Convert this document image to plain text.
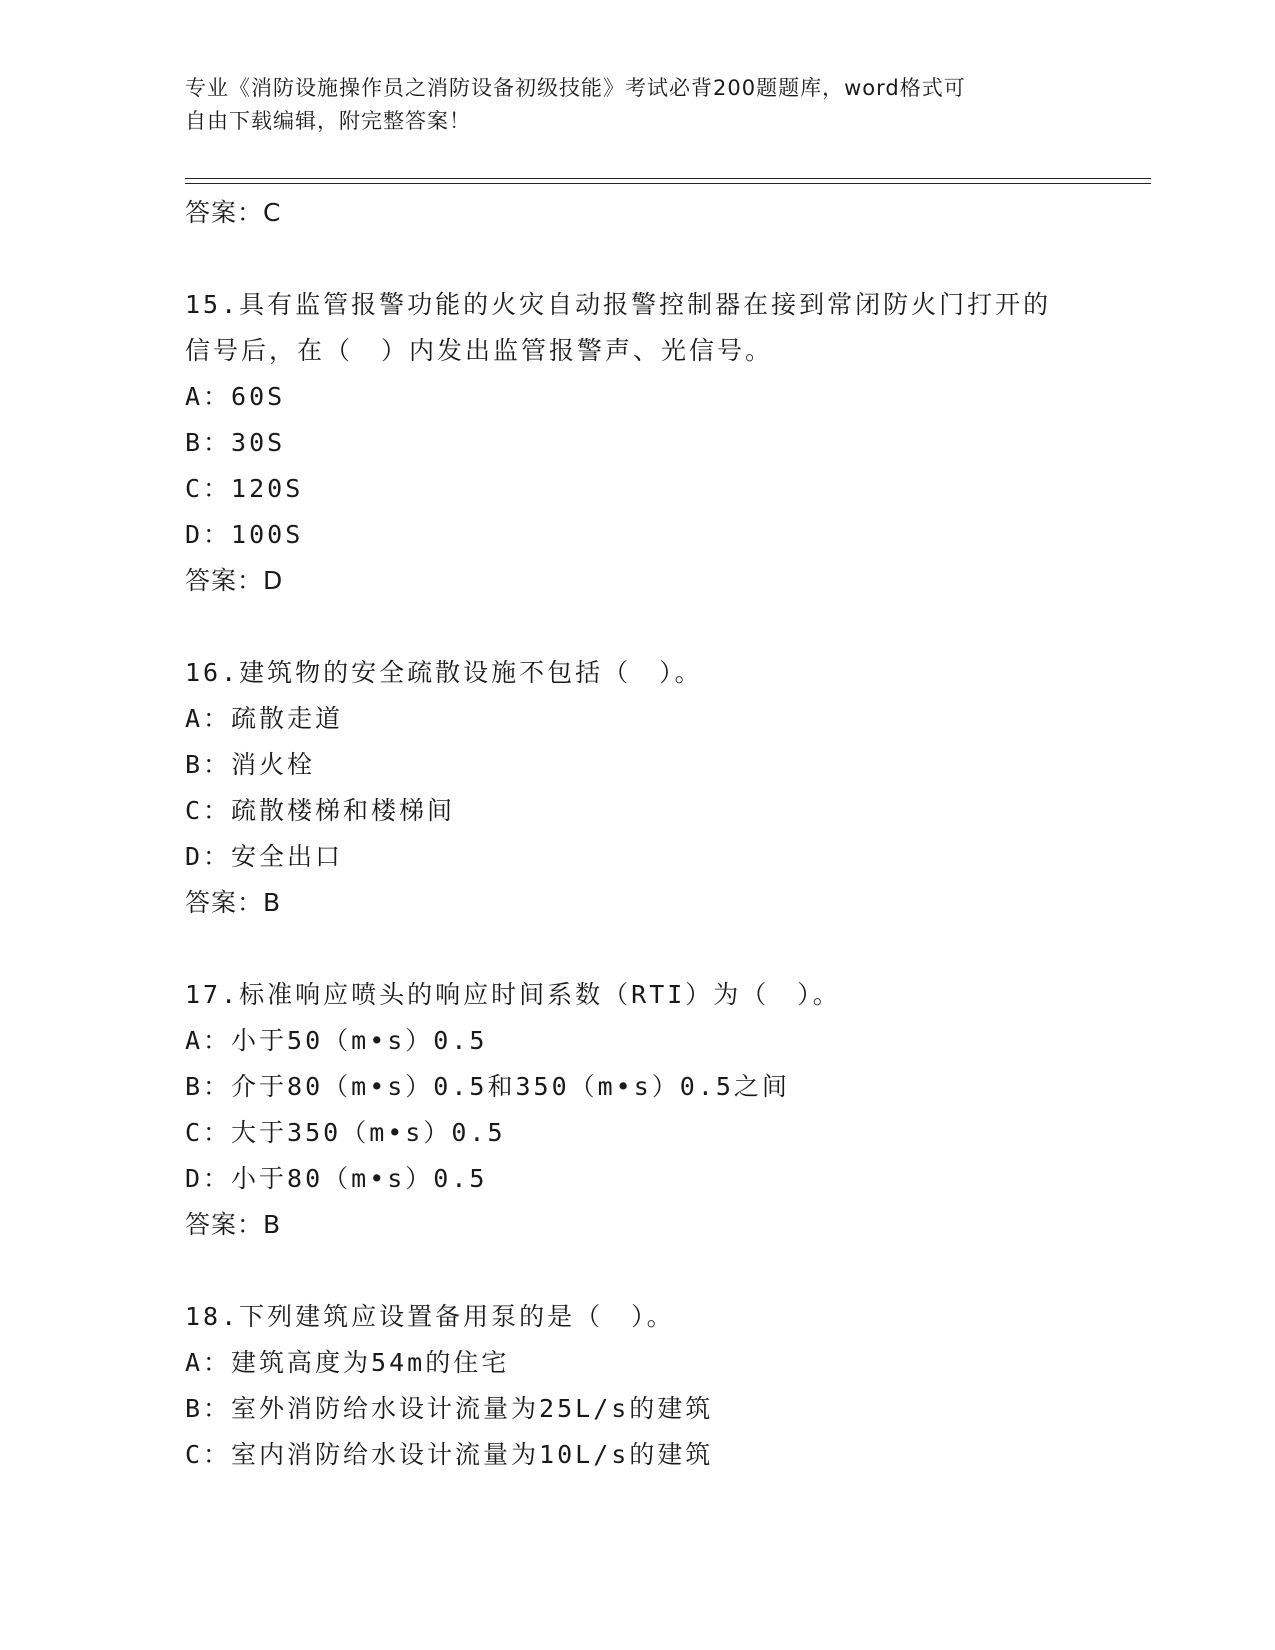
专业《消防设施操作员之消防设备初级技能》考试必背200题题库，word格式可

自由下载编辑，附完整答案！

答案：C

15.具有监管报警功能的火灾自动报警控制器在接到常闭防火门打开的

信号后，在（　）内发出监管报警声、光信号。

A：60S

B：30S

C：120S

D：100S

答案：D

16.建筑物的安全疏散设施不包括（　）。

A：疏散走道

B：消火栓

C：疏散楼梯和楼梯间

D：安全出口

答案：B

17.标准响应喷头的响应时间系数（RTI）为（　）。

A：小于50（m•s）0.5

B：介于80（m•s）0.5和350（m•s）0.5之间

C：大于350（m•s）0.5

D：小于80（m•s）0.5

答案：B

18.下列建筑应设置备用泵的是（　）。

A：建筑高度为54m的住宅

B：室外消防给水设计流量为25L/s的建筑

C：室内消防给水设计流量为10L/s的建筑
